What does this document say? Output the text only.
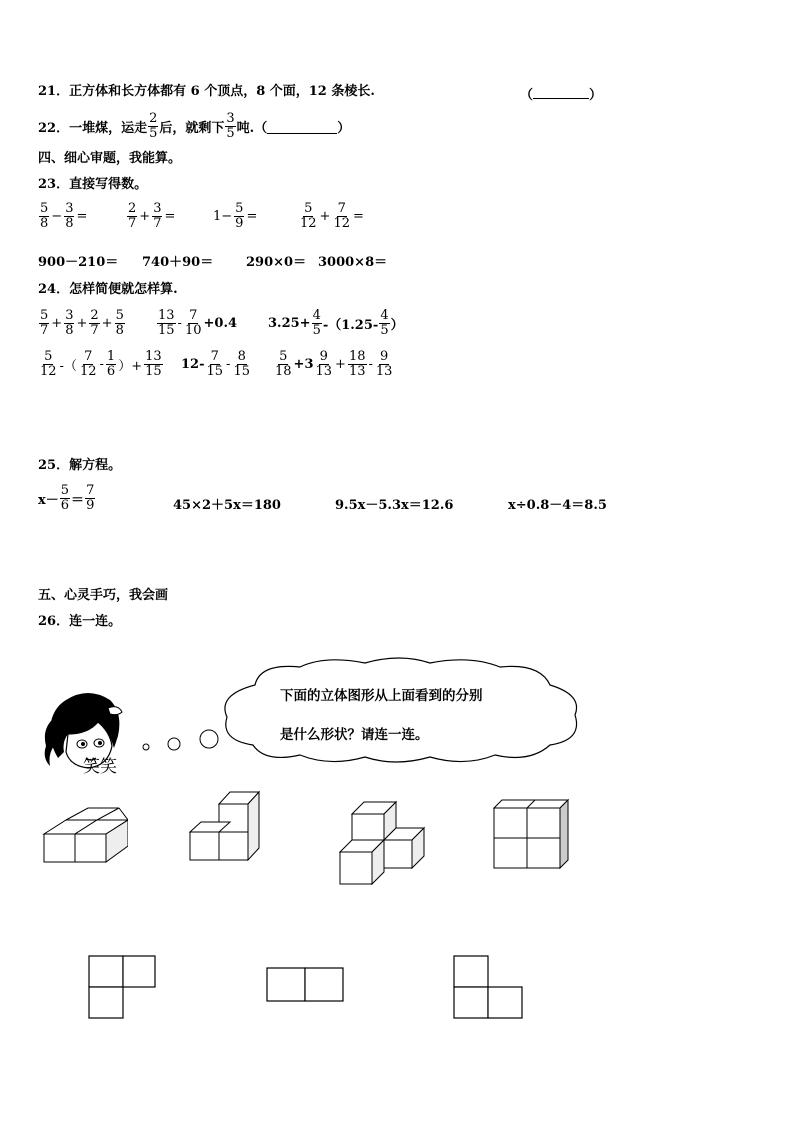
21．正方体和长方体都有 6 个顶点，8 个面，12 条棱长.	（	）
22．一堆煤，运走 $\frac{2}{5}$ 后，就剩下 $\frac{3}{5}$ 吨.（	）
四、细心审题，我能算。
23．直接写得数。
$\frac{5}{8} - \frac{3}{8}$ =	$\frac{2}{7} + \frac{3}{7}$ =	$1- \frac{5}{9}$ =	$\frac{5}{12} + \frac{7}{12}$ =
900－210＝ 740＋90＝	290×0＝ 3000×8＝
24．怎样简便就怎样算.
$\frac{5}{7} + \frac{3}{8} + \frac{2}{7} + \frac{5}{8} \frac{13}{15} - \frac{7}{10} +0.4$ $3.25+ \frac{4}{5} -(1.25- \frac{4}{5}$ ）
$\frac{5}{12}$ -（ $\frac{7}{12} - \frac{1}{6}$ ）+ $\frac{13}{15} 12- \frac{7}{15} - \frac{8}{15} \frac{5}{18} +3 \frac{9}{13} + \frac{18}{13} - \frac{9}{13}$
25．解方程。
$x- \frac{5}{6} = \frac{7}{9}$	45×2＋5x＝180	9.5x－5.3x＝12.6	x÷0.8－4＝8.5
五、心灵手巧，我会画
26．连一连。
下面的立体图形从上面看到的分别
是什么形状？请连一连。
笑笑
